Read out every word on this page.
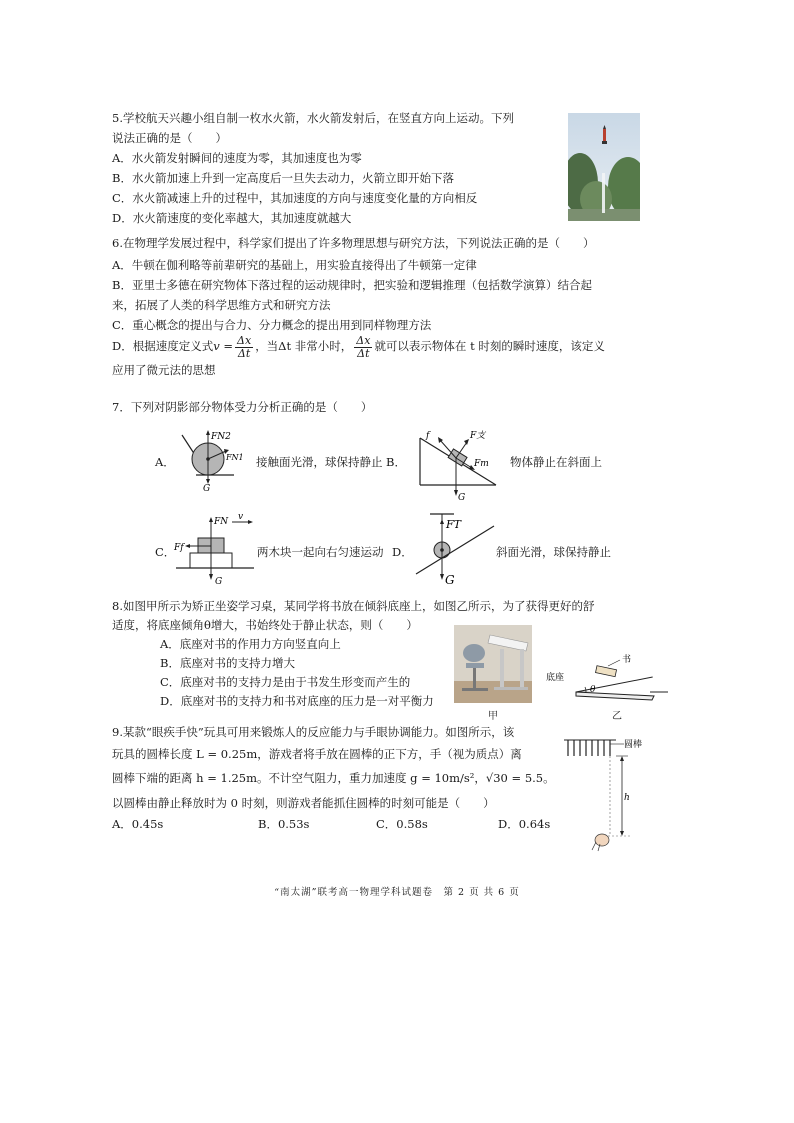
5.学校航天兴趣小组自制一枚水火箭，水火箭发射后，在竖直方向上运动。下列
说法正确的是（　　）
A．水火箭发射瞬间的速度为零，其加速度也为零
B．水火箭加速上升到一定高度后一旦失去动力，火箭立即开始下落
C．水火箭减速上升的过程中，其加速度的方向与速度变化量的方向相反
D．水火箭速度的变化率越大，其加速度就越大
6.在物理学发展过程中，科学家们提出了许多物理思想与研究方法，下列说法正确的是（　　）
A．牛顿在伽利略等前辈研究的基础上，用实验直接得出了牛顿第一定律
B．亚里士多德在研究物体下落过程的运动规律时，把实验和逻辑推理（包括数学演算）结合起
来，拓展了人类的科学思维方式和研究方法
C．重心概念的提出与合力、分力概念的提出用到同样物理方法
D．根据速度定义式$v = \frac{\Delta x}{\Delta t}$ ，当Δt 非常小时， $\frac{\Delta x}{\Delta t}$ 就可以表示物体在 t 时刻的瞬时速度，该定义
应用了微元法的思想
7．下列对阴影部分物体受力分析正确的是（　　）
A．
FN2
FN1
G
接触面光滑，球保持静止 B．
f	F支
Fm
G
物体静止在斜面上
C．
FN v
Ff
G
两木块一起向右匀速运动 D．
FT
G
斜面光滑，球保持静止
8.如图甲所示为矫正坐姿学习桌，某同学将书放在倾斜底座上，如图乙所示，为了获得更好的舒
适度，将底座倾角θ增大，书始终处于静止状态，则（　　）
A．底座对书的作用力方向竖直向上
B．底座对书的支持力增大
C．底座对书的支持力是由于书发生形变而产生的
D．底座对书的支持力和书对底座的压力是一对平衡力
甲
书
底座
θ
乙
9.某款“眼疾手快”玩具可用来锻炼人的反应能力与手眼协调能力。如图所示，该
玩具的圆棒长度 L = 0.25m，游戏者将手放在圆棒的正下方，手（视为质点）离
圆棒下端的距离 h = 1.25m。不计空气阻力，重力加速度 g = 10m/s²，√30 = 5.5。
以圆棒由静止释放时为 0 时刻，则游戏者能抓住圆棒的时刻可能是（　　）
A．0.45s	B．0.53s	C．0.58s	D．0.64s
圆棒
h
“南太湖”联考高一物理学科试题卷　第 2 页 共 6 页
